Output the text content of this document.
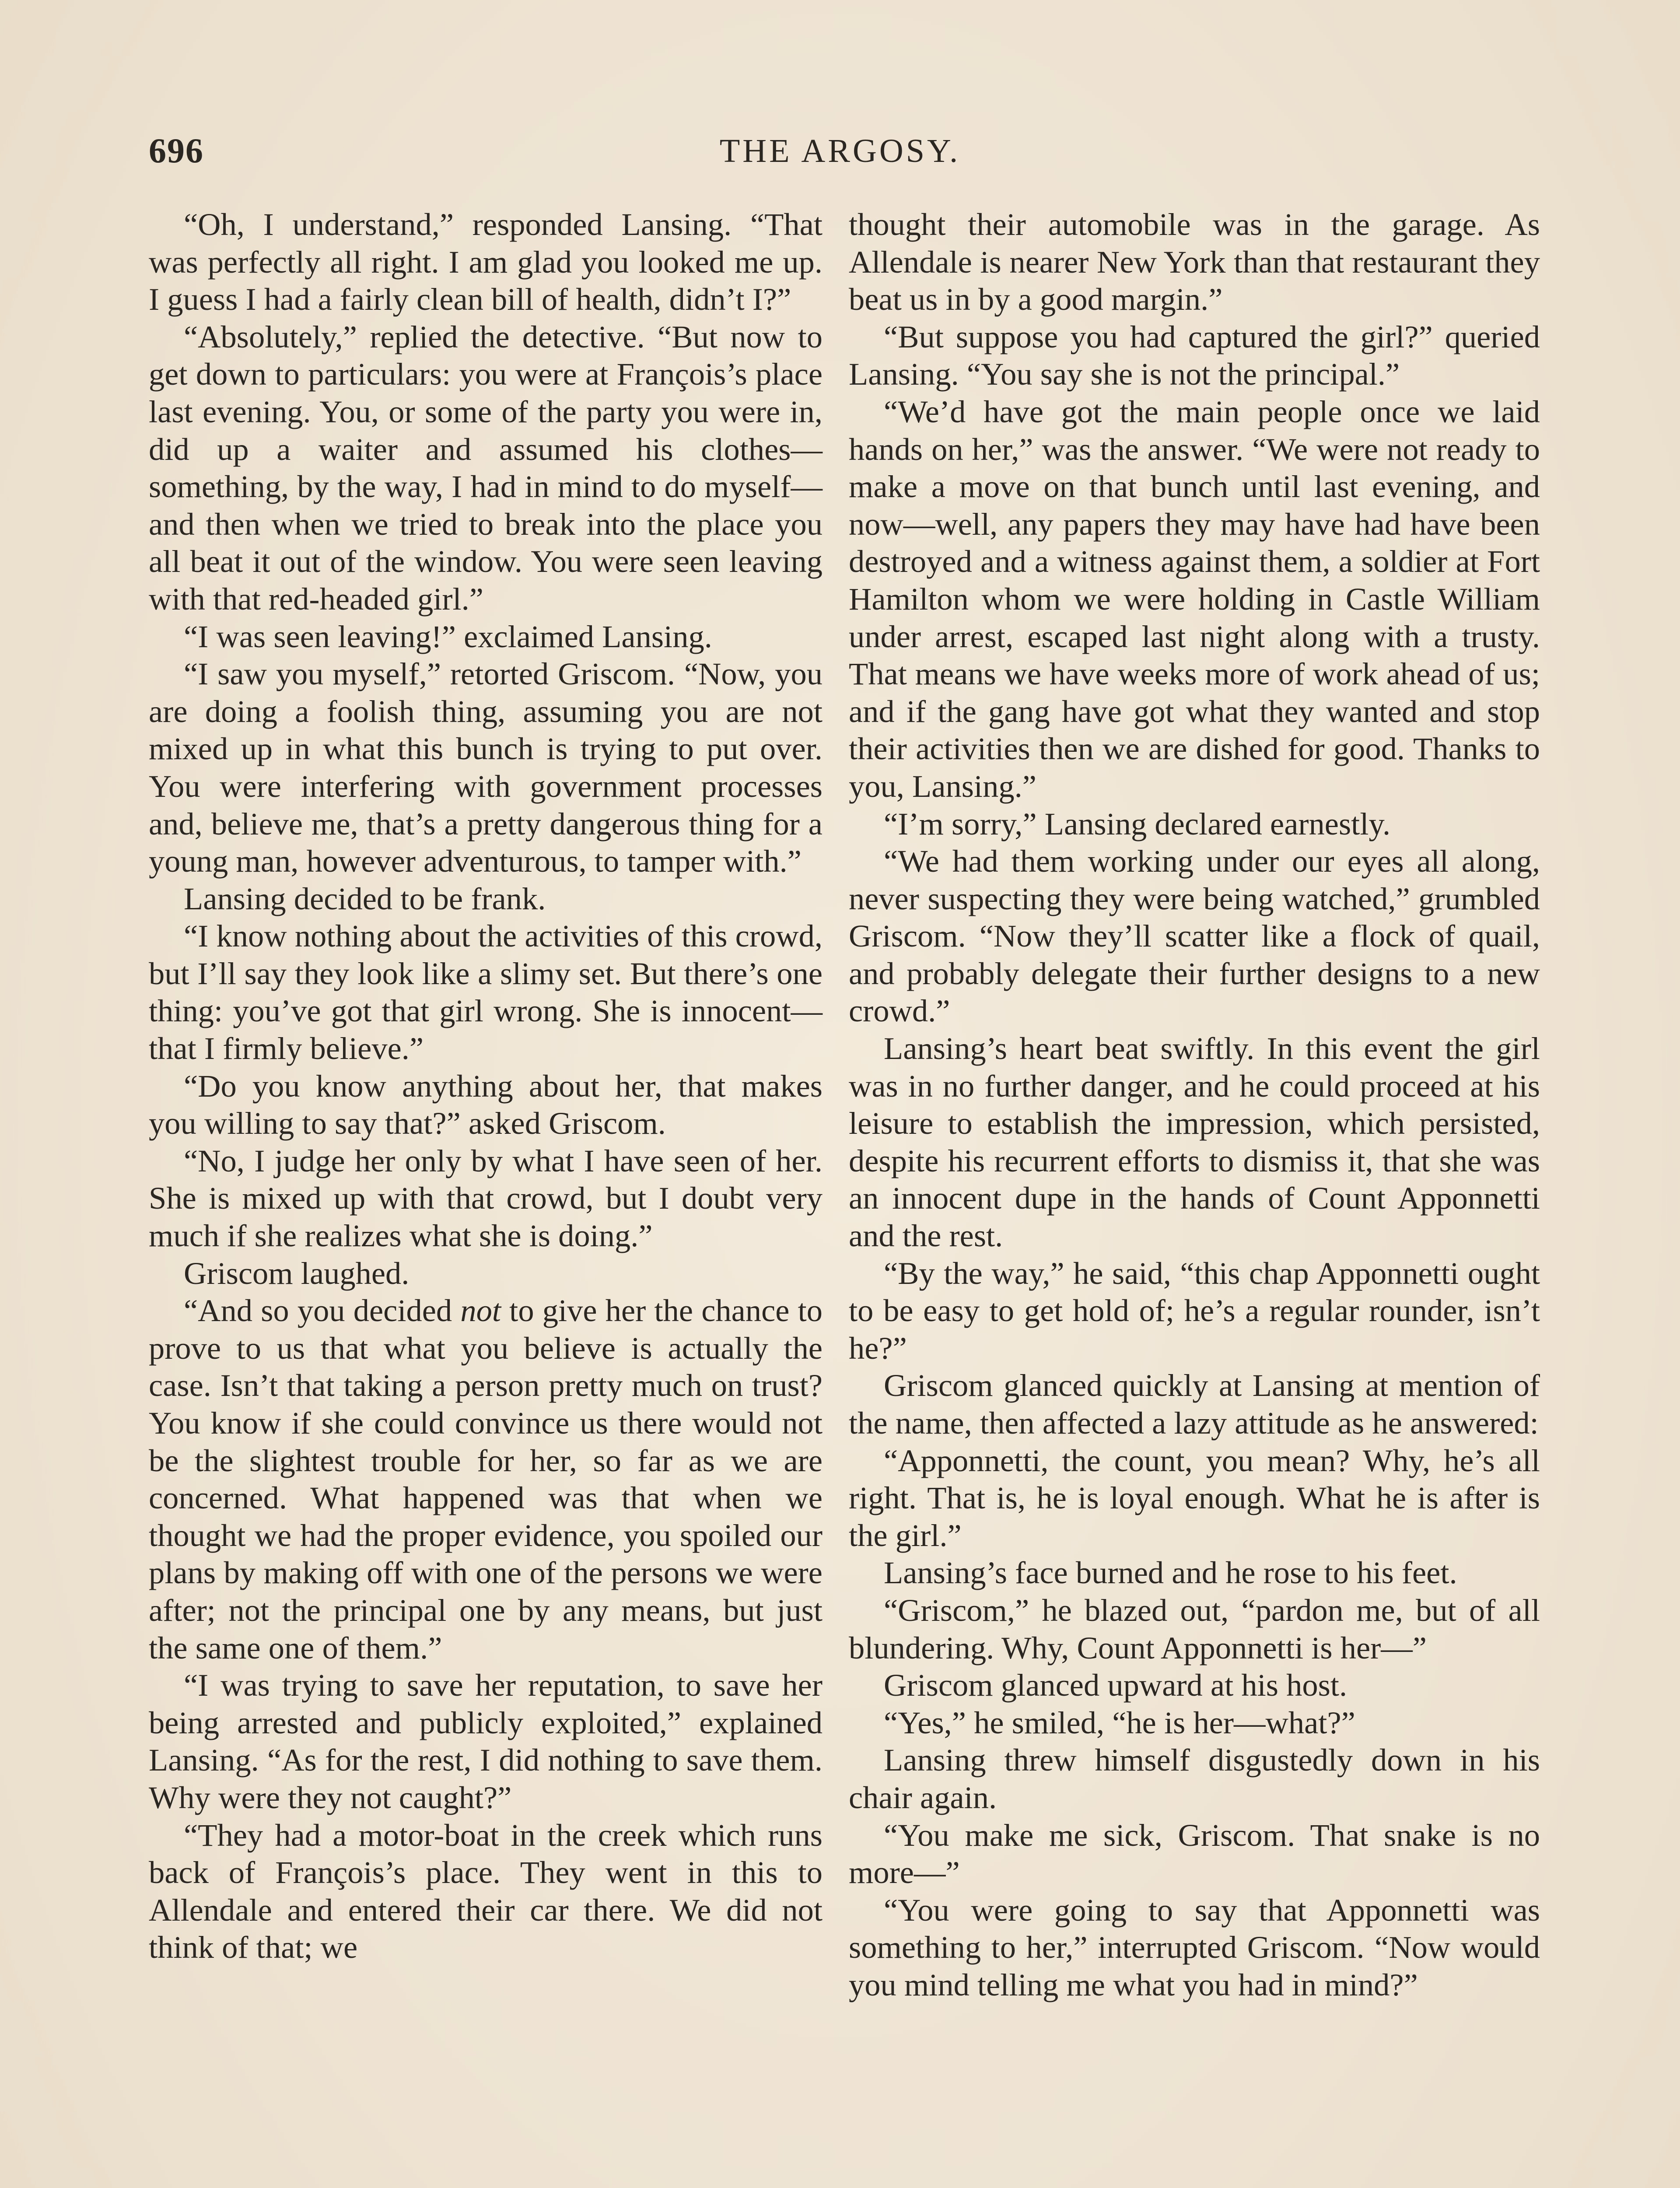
696	THE ARGOSY.

“Oh, I understand,” responded Lansing. “That was perfectly all right. I am glad you looked me up. I guess I had a fairly clean bill of health, didn’t I?”

“Absolutely,” replied the detective. “But now to get down to particulars: you were at François’s place last evening. You, or some of the party you were in, did up a waiter and assumed his clothes—something, by the way, I had in mind to do myself—and then when we tried to break into the place you all beat it out of the window. You were seen leaving with that red-headed girl.”

“I was seen leaving!” exclaimed Lansing.

“I saw you myself,” retorted Griscom. “Now, you are doing a foolish thing, assuming you are not mixed up in what this bunch is trying to put over. You were interfering with government processes and, believe me, that’s a pretty dangerous thing for a young man, however adventurous, to tamper with.”

Lansing decided to be frank.

“I know nothing about the activities of this crowd, but I’ll say they look like a slimy set. But there’s one thing: you’ve got that girl wrong. She is innocent—that I firmly believe.”

“Do you know anything about her, that makes you willing to say that?” asked Griscom.

“No, I judge her only by what I have seen of her. She is mixed up with that crowd, but I doubt very much if she realizes what she is doing.”

Griscom laughed.

“And so you decided not to give her the chance to prove to us that what you believe is actually the case. Isn’t that taking a person pretty much on trust? You know if she could convince us there would not be the slightest trouble for her, so far as we are concerned. What happened was that when we thought we had the proper evidence, you spoiled our plans by making off with one of the persons we were after; not the principal one by any means, but just the same one of them.”

“I was trying to save her reputation, to save her being arrested and publicly exploited,” explained Lansing. “As for the rest, I did nothing to save them. Why were they not caught?”

“They had a motor-boat in the creek which runs back of François’s place. They went in this to Allendale and entered their car there. We did not think of that; we

thought their automobile was in the garage. As Allendale is nearer New York than that restaurant they beat us in by a good margin.”

“But suppose you had captured the girl?” queried Lansing. “You say she is not the principal.”

“We’d have got the main people once we laid hands on her,” was the answer. “We were not ready to make a move on that bunch until last evening, and now—well, any papers they may have had have been destroyed and a witness against them, a soldier at Fort Hamilton whom we were holding in Castle William under arrest, escaped last night along with a trusty. That means we have weeks more of work ahead of us; and if the gang have got what they wanted and stop their activities then we are dished for good. Thanks to you, Lansing.”

“I’m sorry,” Lansing declared earnestly.

“We had them working under our eyes all along, never suspecting they were being watched,” grumbled Griscom. “Now they’ll scatter like a flock of quail, and probably delegate their further designs to a new crowd.”

Lansing’s heart beat swiftly. In this event the girl was in no further danger, and he could proceed at his leisure to establish the impression, which persisted, despite his recurrent efforts to dismiss it, that she was an innocent dupe in the hands of Count Apponnetti and the rest.

“By the way,” he said, “this chap Apponnetti ought to be easy to get hold of; he’s a regular rounder, isn’t he?”

Griscom glanced quickly at Lansing at mention of the name, then affected a lazy attitude as he answered:

“Apponnetti, the count, you mean? Why, he’s all right. That is, he is loyal enough. What he is after is the girl.”

Lansing’s face burned and he rose to his feet.

“Griscom,” he blazed out, “pardon me, but of all blundering. Why, Count Apponnetti is her—”

Griscom glanced upward at his host.

“Yes,” he smiled, “he is her—what?”

Lansing threw himself disgustedly down in his chair again.

“You make me sick, Griscom. That snake is no more—”

“You were going to say that Apponnetti was something to her,” interrupted Griscom. “Now would you mind telling me what you had in mind?”
